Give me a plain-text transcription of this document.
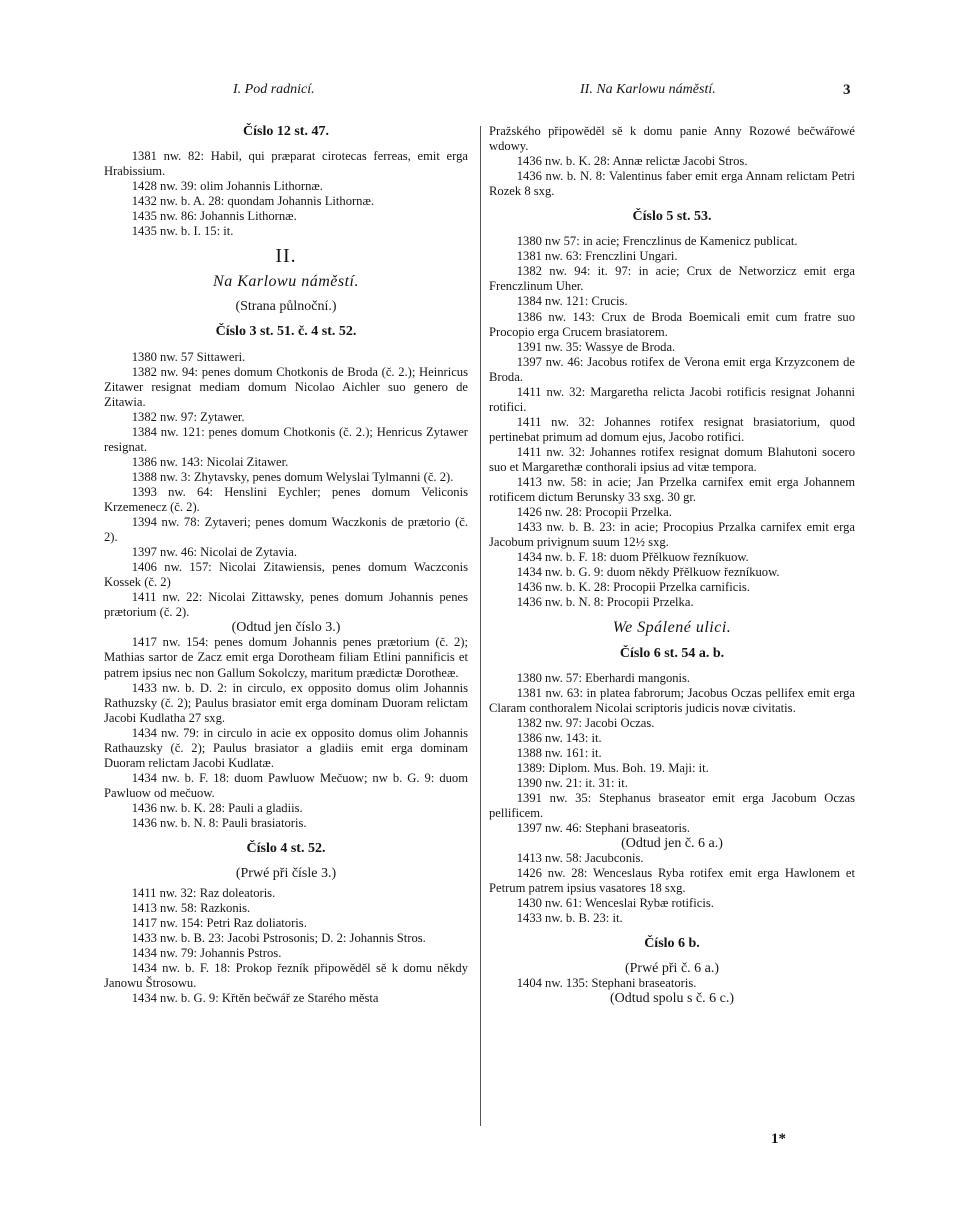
I. Pod radnicí.	II. Na Karlowu náměstí.	3
Číslo 12 st. 47.
1381 nw. 82: Habil, qui præparat cirotecas ferreas, emit erga Hrabissium.
1428 nw. 39: olim Johannis Lithornæ.
1432 nw. b. A. 28: quondam Johannis Lithornæ.
1435 nw. 86: Johannis Lithornæ.
1435 nw. b. I. 15: it.
II.
Na Karlowu náměstí.
(Strana půlnoční.)
Číslo 3 st. 51. č. 4 st. 52.
1380 nw. 57 Sittaweri.
1382 nw. 94: penes domum Chotkonis de Broda (č. 2.); Heinricus Zitawer resignat mediam domum Nicolao Aichler suo genero de Zitawia.
1382 nw. 97: Zytawer.
1384 nw. 121: penes domum Chotkonis (č. 2.); Henricus Zytawer resignat.
1386 nw. 143: Nicolai Zitawer.
1388 nw. 3: Zhytavsky, penes domum Welyslai Tylmanni (č. 2).
1393 nw. 64: Henslini Eychler; penes domum Veliconis Krzemenecz (č. 2).
1394 nw. 78: Zytaveri; penes domum Waczkonis de prætorio (č. 2).
1397 nw. 46: Nicolai de Zytavia.
1406 nw. 157: Nicolai Zitawiensis, penes domum Waczconis Kossek (č. 2)
1411 nw. 22: Nicolai Zittawsky, penes domum Johannis penes prætorium (č. 2).
(Odtud jen číslo 3.)
1417 nw. 154: penes domum Johannis penes prætorium (č. 2); Mathias sartor de Zacz emit erga Dorotheam filiam Etlini pannificis et patrem ipsius nec non Gallum Sokolczy, maritum prædictæ Dorotheæ.
1433 nw. b. D. 2: in circulo, ex opposito domus olim Johannis Rathuzsky (č. 2); Paulus brasiator emit erga dominam Duoram relictam Jacobi Kudlatha 27 sxg.
1434 nw. 79: in circulo in acie ex opposito domus olim Johannis Rathauzsky (č. 2); Paulus brasiator a gladiis emit erga dominam Duoram relictam Jacobi Kudlatæ.
1434 nw. b. F. 18: duom Pawluow Mečuow; nw b. G. 9: duom Pawluow od mečuow.
1436 nw. b. K. 28: Pauli a gladiis.
1436 nw. b. N. 8: Pauli brasiatoris.
Číslo 4 st. 52.
(Prwé při čísle 3.)
1411 nw. 32: Raz doleatoris.
1413 nw. 58: Razkonis.
1417 nw. 154: Petri Raz doliatoris.
1433 nw. b. B. 23: Jacobi Pstrosonis; D. 2: Johannis Stros.
1434 nw. 79: Johannis Pstros.
1434 nw. b. F. 18: Prokop řezník připowěděl sě k domu někdy Janowu Štrosowu.
1434 nw. b. G. 9: Křtěn bečwář ze Starého města
Pražského připowěděl sě k domu panie Anny Rozowé bečwářowé wdowy.
1436 nw. b. K. 28: Annæ relictæ Jacobi Stros.
1436 nw. b. N. 8: Valentinus faber emit erga Annam relictam Petri Rozek 8 sxg.
Číslo 5 st. 53.
1380 nw 57: in acie; Frenczlinus de Kamenicz publicat.
1381 nw. 63: Frenczlini Ungari.
1382 nw. 94: it. 97: in acie; Crux de Networzicz emit erga Frenczlinum Uher.
1384 nw. 121: Crucis.
1386 nw. 143: Crux de Broda Boemicali emit cum fratre suo Procopio erga Crucem brasiatorem.
1391 nw. 35: Wassye de Broda.
1397 nw. 46: Jacobus rotifex de Verona emit erga Krzyzconem de Broda.
1411 nw. 32: Margaretha relicta Jacobi rotificis resignat Johanni rotifici.
1411 nw. 32: Johannes rotifex resignat brasiatorium, quod pertinebat primum ad domum ejus, Jacobo rotifici.
1411 nw. 32: Johannes rotifex resignat domum Blahutoni socero suo et Margarethæ conthorali ipsius ad vitæ tempora.
1413 nw. 58: in acie; Jan Przelka carnifex emit erga Johannem rotificem dictum Berunsky 33 sxg. 30 gr.
1426 nw. 28: Procopii Przelka.
1433 nw. b. B. 23: in acie; Procopius Przalka carnifex emit erga Jacobum privignum suum 12½ sxg.
1434 nw. b. F. 18: duom Přělkuow řezníkuow.
1434 nw. b. G. 9: duom někdy Přělkuow řezníkuow.
1436 nw. b. K. 28: Procopii Przelka carnificis.
1436 nw. b. N. 8: Procopii Przelka.
We Spálené ulici.
Číslo 6 st. 54 a. b.
1380 nw. 57: Eberhardi mangonis.
1381 nw. 63: in platea fabrorum; Jacobus Oczas pellifex emit erga Claram conthoralem Nicolai scriptoris judicis novæ civitatis.
1382 nw. 97: Jacobi Oczas.
1386 nw. 143: it.
1388 nw. 161: it.
1389: Diplom. Mus. Boh. 19. Maji: it.
1390 nw. 21: it. 31: it.
1391 nw. 35: Stephanus braseator emit erga Jacobum Oczas pellificem.
1397 nw. 46: Stephani braseatoris.
(Odtud jen č. 6 a.)
1413 nw. 58: Jacubconis.
1426 nw. 28: Wenceslaus Ryba rotifex emit erga Hawlonem et Petrum patrem ipsius vasatores 18 sxg.
1430 nw. 61: Wenceslai Rybæ rotificis.
1433 nw. b. B. 23: it.
Číslo 6 b.
(Prwé při č. 6 a.)
1404 nw. 135: Stephani braseatoris.
(Odtud spolu s č. 6 c.)
1*
